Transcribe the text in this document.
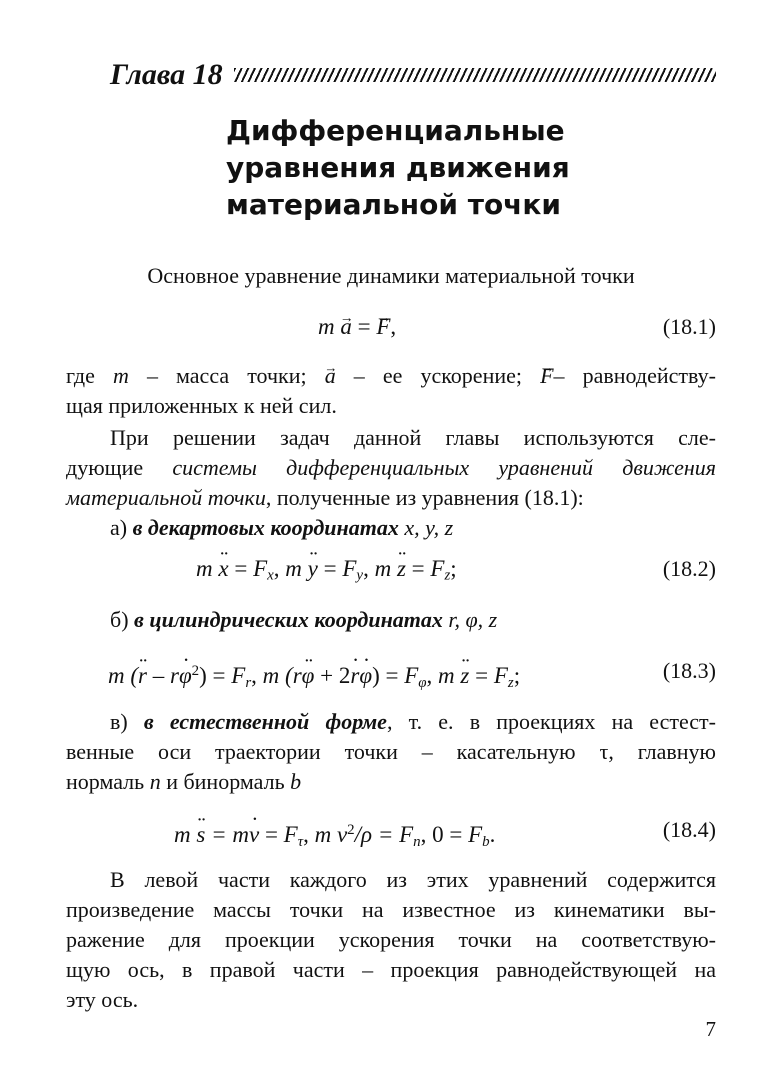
Глава 18
Дифференциальные
уравнения движения
материальной точки
Основное уравнение динамики материальной точки
m → a = → F,	(18.1)
где m – масса точки; → a – ее ускорение; → F– равнодейству-
щая приложенных к ней сил.
При решении задач данной главы используются сле-
дующие системы дифференциальных уравнений движения
материальной точки, полученные из уравнения (18.1):
а) в декартовых координатах x, y, z
m ¨ $x = F_x$, m ¨ $y = F_y$, m ¨ $z = F_z$;	(18.2)
б) в цилиндрических координатах r, φ, z
m (¨ r – r˙ $\varphi^2) = F_r$, m (r¨ φ + 2˙ r˙ $\varphi) = F_\varphi$, m ¨ $z = F_z$;	(18.3)
в) в естественной форме, т. е. в проекциях на естест-
венные оси траектории точки – касательную τ, главную
нормаль n и бинормаль b
m ¨ s = m˙ $v = F_\tau$, m $v^2/\rho = F_n$, $0 = F_b$.	(18.4)
В левой части каждого из этих уравнений содержится
произведение массы точки на известное из кинематики вы-
ражение для проекции ускорения точки на соответствую-
щую ось, в правой части – проекция равнодействующей на
эту ось.
7
